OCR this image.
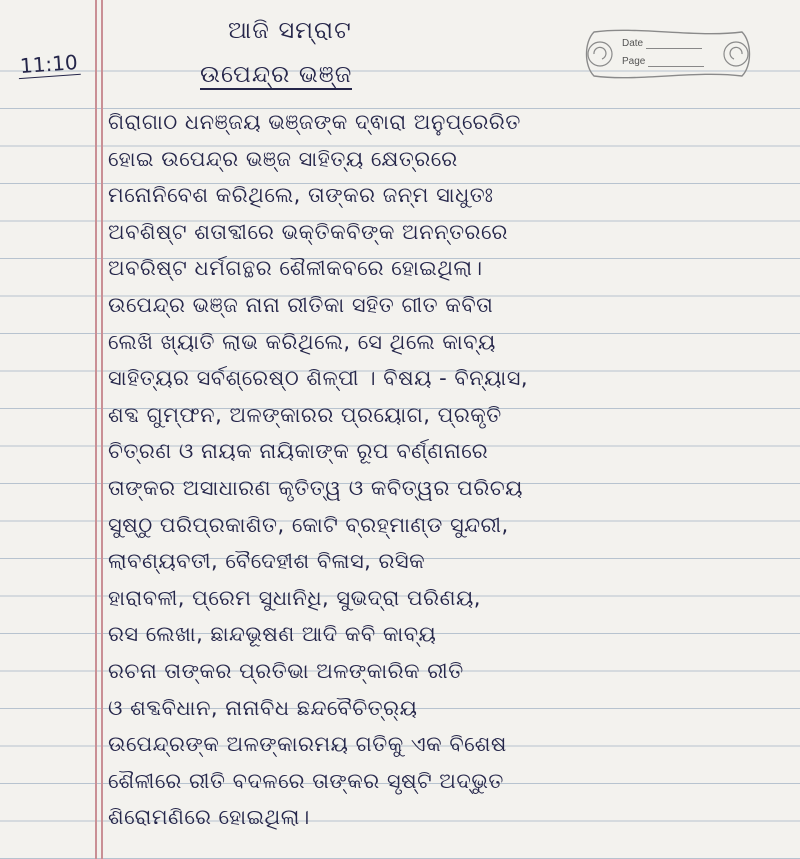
11:10
ଆଜି ସମ୍ରାଟ
ଉପେନ୍ଦ୍ର ଭଞ୍ଜ
Date
Page
ଗିରାଗାଠ ଧନଞ୍ଜୟ ଭଞ୍ଜଙ୍କ ଦ୍ଵାରା ଅନୁପ୍ରେରିତ
ହୋଇ ଉପେନ୍ଦ୍ର ଭଞ୍ଜ ସାହିତ୍ୟ କ୍ଷେତ୍ରରେ
ମନୋନିବେଶ କରିଥିଲେ, ତାଙ୍କର ଜନ୍ମ ସାଧୁତଃ
ଅବଶିଷ୍ଟ ଶତାବ୍ଦୀରେ ଭକ୍ତିକବିଙ୍କ ଅନନ୍ତରରେ
ଅବରିଷ୍ଟ ଧର୍ମଗନ୍ଥର ଶୈଳୀକବରେ ହୋଇଥିଲା।
ଉପେନ୍ଦ୍ର ଭଞ୍ଜ ନାନା ରୀତିକା ସହିତ ଗୀତ କବିତା
ଲେଖି ଖ୍ୟାତି ଲାଭ କରିଥିଲେ, ସେ ଥିଲେ କାବ୍ୟ
ସାହିତ୍ୟର ସର୍ବଶ୍ରେଷ୍ଠ ଶିଳ୍ପୀ । ବିଷୟ - ବିନ୍ୟାସ,
ଶବ୍ଦ ଗୁମ୍ଫନ, ଅଳଙ୍କାରର ପ୍ରୟୋଗ, ପ୍ରକୃତି
ଚିତ୍ରଣ ଓ ନାୟକ ନାୟିକାଙ୍କ ରୂପ ବର୍ଣ୍ଣନାରେ
ତାଙ୍କର ଅସାଧାରଣ କୃତିତ୍ୱ ଓ କବିତ୍ୱର ପରିଚୟ
ସୁଷ୍ଠୁ ପରିପ୍ରକାଶିତ, କୋଟି ବ୍ରହ୍ମାଣ୍ଡ ସୁନ୍ଦରୀ,
ଲାବଣ୍ୟବତୀ, ବୈଦେହୀଶ ବିଳାସ, ରସିକ
ହାରାବଳୀ, ପ୍ରେମ ସୁଧାନିଧି, ସୁଭଦ୍ରା ପରିଣୟ,
ରସ ଲେଖା, ଛାନ୍ଦଭୂଷଣ ଆଦି କବି କାବ୍ୟ
ରଚନା ତାଙ୍କର ପ୍ରତିଭା ଅଳଙ୍କାରିକ ରୀତି
ଓ ଶବ୍ଦବିଧାନ, ନାନାବିଧ ଛନ୍ଦବୈଚିତ୍ର୍ୟ
ଉପେନ୍ଦ୍ରଙ୍କ ଅଳଙ୍କାରମୟ ଗତିକୁ ଏକ ବିଶେଷ
ଶୈଳୀରେ ରୀତି ବଦଳରେ ତାଙ୍କର ସୃଷ୍ଟି ଅଦ୍ଭୁତ
ଶିରୋମଣିରେ ହୋଇଥିଲା।
